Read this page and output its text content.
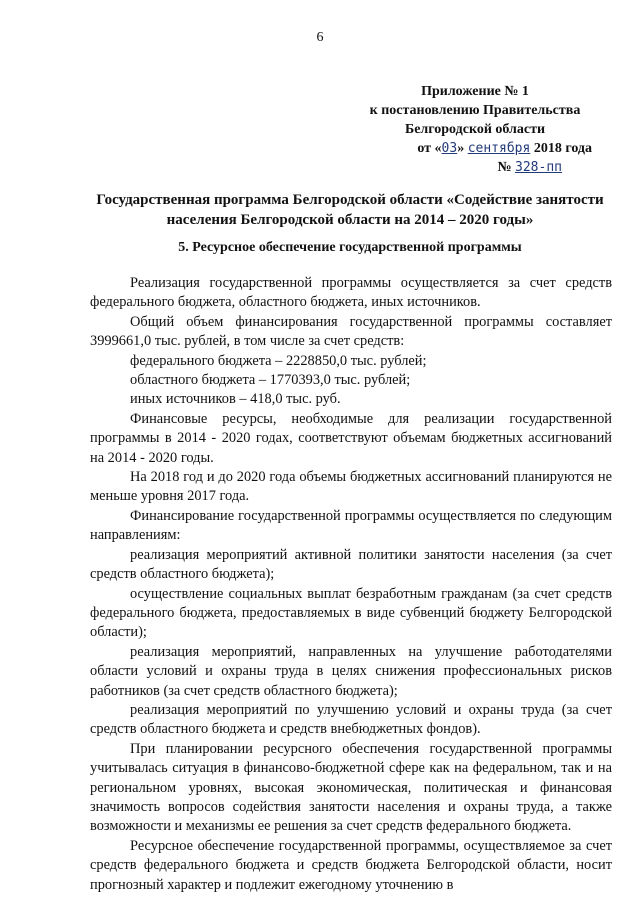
6
Приложение № 1
к постановлению Правительства
Белгородской области
от «03» сентября 2018 года
№ 328-пп
Государственная программа Белгородской области «Содействие занятости населения Белгородской области на 2014 – 2020 годы»
5. Ресурсное обеспечение государственной программы

Реализация государственной программы осуществляется за счет средств федерального бюджета, областного бюджета, иных источников.

Общий объем финансирования государственной программы составляет 3999661,0 тыс. рублей, в том числе за счет средств:

федерального бюджета – 2228850,0 тыс. рублей;

областного бюджета – 1770393,0 тыс. рублей;

иных источников – 418,0 тыс. руб.

Финансовые ресурсы, необходимые для реализации государственной программы в 2014 - 2020 годах, соответствуют объемам бюджетных ассигнований на 2014 - 2020 годы.

На 2018 год и до 2020 года объемы бюджетных ассигнований планируются не меньше уровня 2017 года.

Финансирование государственной программы осуществляется по следующим направлениям:

реализация мероприятий активной политики занятости населения (за счет средств областного бюджета);

осуществление социальных выплат безработным гражданам (за счет средств федерального бюджета, предоставляемых в виде субвенций бюджету Белгородской области);

реализация мероприятий, направленных на улучшение работодателями области условий и охраны труда в целях снижения профессиональных рисков работников (за счет средств областного бюджета);

реализация мероприятий по улучшению условий и охраны труда (за счет средств областного бюджета и средств внебюджетных фондов).

При планировании ресурсного обеспечения государственной программы учитывалась ситуация в финансово-бюджетной сфере как на федеральном, так и на региональном уровнях, высокая экономическая, политическая и финансовая значимость вопросов содействия занятости населения и охраны труда, а также возможности и механизмы ее решения за счет средств федерального бюджета.

Ресурсное обеспечение государственной программы, осуществляемое за счет средств федерального бюджета и средств бюджета Белгородской области, носит прогнозный характер и подлежит ежегодному уточнению в
